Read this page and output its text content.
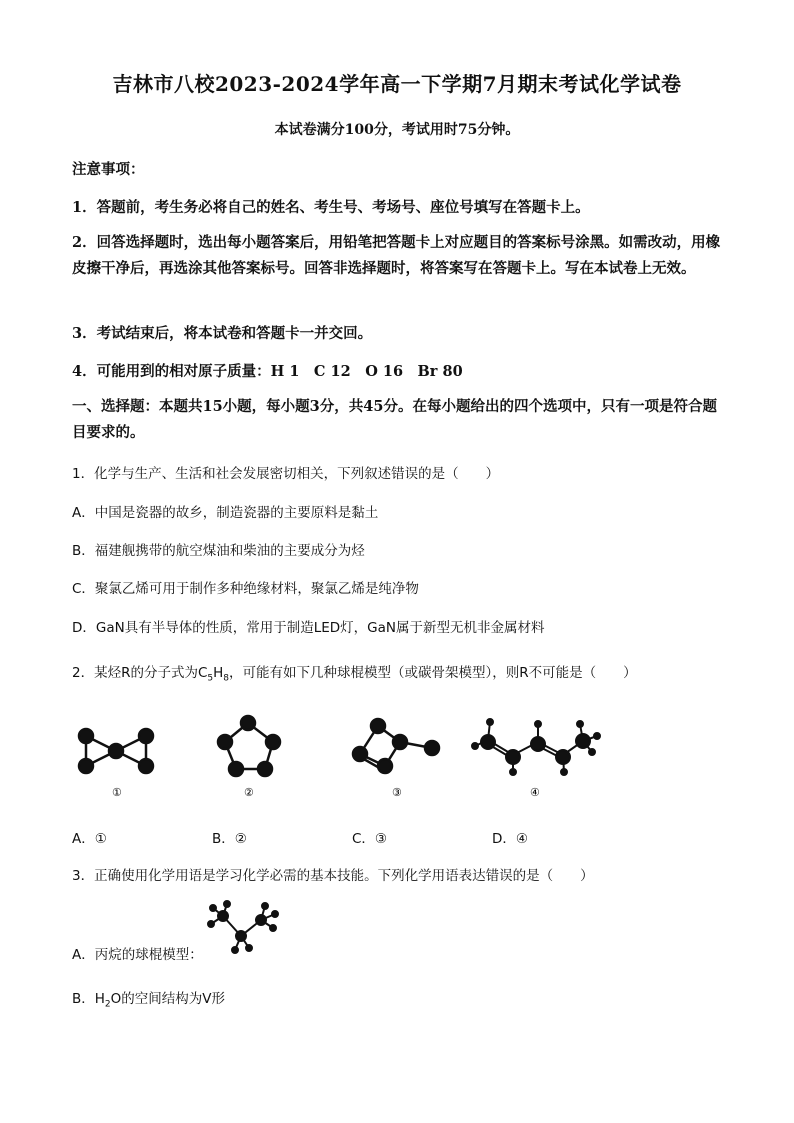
吉林市八校2023-2024学年高一下学期7月期末考试化学试卷
本试卷满分100分，考试用时75分钟。
注意事项：
1．答题前，考生务必将自己的姓名、考生号、考场号、座位号填写在答题卡上。
2．回答选择题时，选出每小题答案后，用铅笔把答题卡上对应题目的答案标号涂黑。如需改动，用橡皮擦干净后，再选涂其他答案标号。回答非选择题时，将答案写在答题卡上。写在本试卷上无效。
3．考试结束后，将本试卷和答题卡一并交回。
4．可能用到的相对原子质量：H 1　C 12　O 16　Br 80
一、选择题：本题共15小题，每小题3分，共45分。在每小题给出的四个选项中，只有一项是符合题目要求的。
1．化学与生产、生活和社会发展密切相关，下列叙述错误的是（　　）
A．中国是瓷器的故乡，制造瓷器的主要原料是黏土
B．福建舰携带的航空煤油和柴油的主要成分为烃
C．聚氯乙烯可用于制作多种绝缘材料，聚氯乙烯是纯净物
D．GaN具有半导体的性质，常用于制造LED灯，GaN属于新型无机非金属材料
2．某烃R的分子式为$C_5H_8$，可能有如下几种球棍模型（或碳骨架模型），则R不可能是（　　）
①	②	③	④
A．①	B．②	C．③	D．④
3．正确使用化学用语是学习化学必需的基本技能。下列化学用语表达错误的是（　　）
A．丙烷的球棍模型：
B．$H_2O$的空间结构为V形
